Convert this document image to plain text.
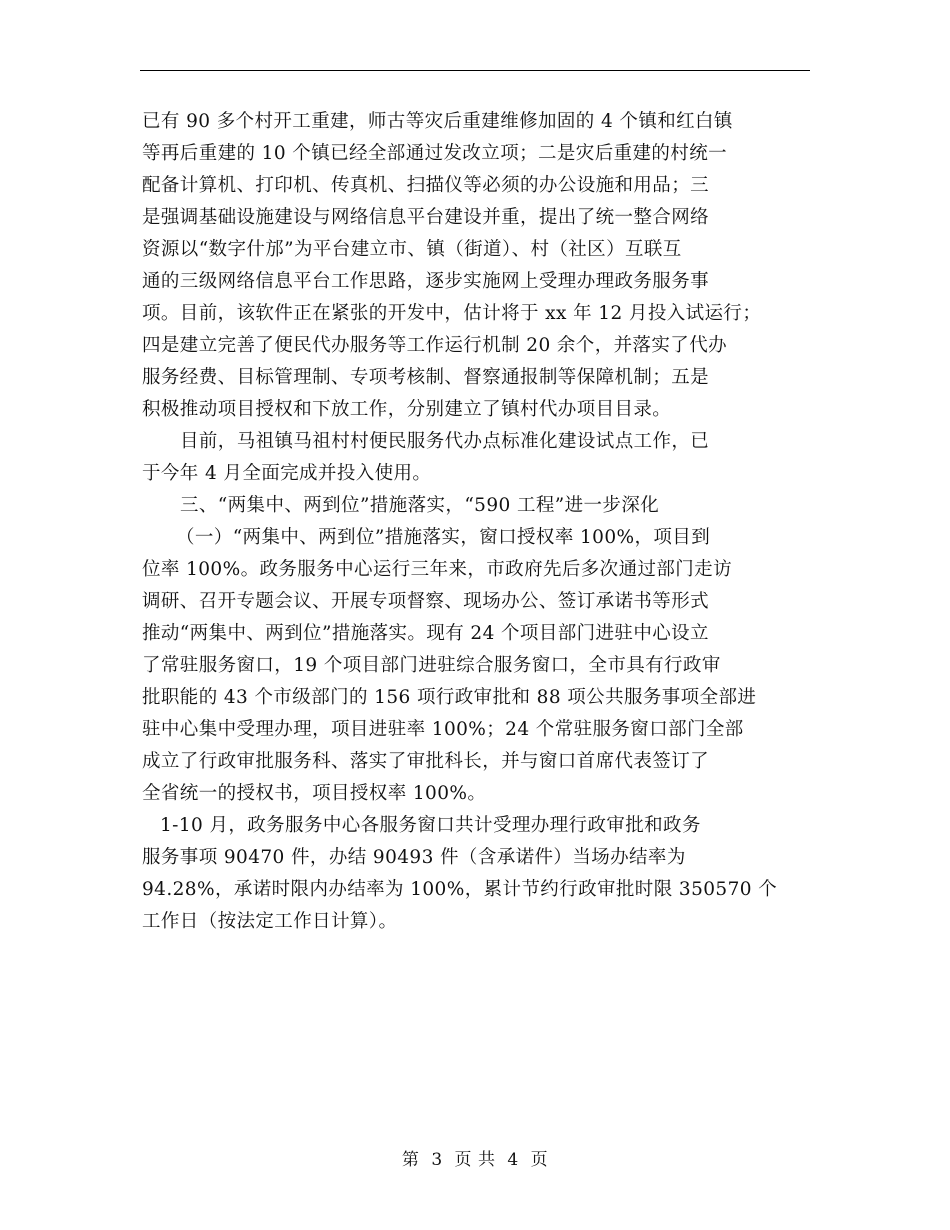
已有 90 多个村开工重建，师古等灾后重建维修加固的 4 个镇和红白镇
等再后重建的 10 个镇已经全部通过发改立项；二是灾后重建的村统一
配备计算机、打印机、传真机、扫描仪等必须的办公设施和用品；三
是强调基础设施建设与网络信息平台建设并重，提出了统一整合网络
资源以“数字什邡”为平台建立市、镇（街道）、村（社区）互联互
通的三级网络信息平台工作思路，逐步实施网上受理办理政务服务事
项。目前，该软件正在紧张的开发中，估计将于 xx 年 12 月投入试运行；
四是建立完善了便民代办服务等工作运行机制 20 余个，并落实了代办
服务经费、目标管理制、专项考核制、督察通报制等保障机制；五是
积极推动项目授权和下放工作，分别建立了镇村代办项目目录。
目前，马祖镇马祖村村便民服务代办点标准化建设试点工作，已
于今年 4 月全面完成并投入使用。
三、“两集中、两到位”措施落实，“590 工程”进一步深化
（一）“两集中、两到位”措施落实，窗口授权率 100%，项目到
位率 100%。政务服务中心运行三年来，市政府先后多次通过部门走访
调研、召开专题会议、开展专项督察、现场办公、签订承诺书等形式
推动“两集中、两到位”措施落实。现有 24 个项目部门进驻中心设立
了常驻服务窗口，19 个项目部门进驻综合服务窗口，全市具有行政审
批职能的 43 个市级部门的 156 项行政审批和 88 项公共服务事项全部进
驻中心集中受理办理，项目进驻率 100%；24 个常驻服务窗口部门全部
成立了行政审批服务科、落实了审批科长，并与窗口首席代表签订了
全省统一的授权书，项目授权率 100%。
1-10 月，政务服务中心各服务窗口共计受理办理行政审批和政务
服务事项 90470 件，办结 90493 件（含承诺件）当场办结率为
94.28%，承诺时限内办结率为 100%，累计节约行政审批时限 350570 个
工作日（按法定工作日计算）。
第 3 页 共 4 页
